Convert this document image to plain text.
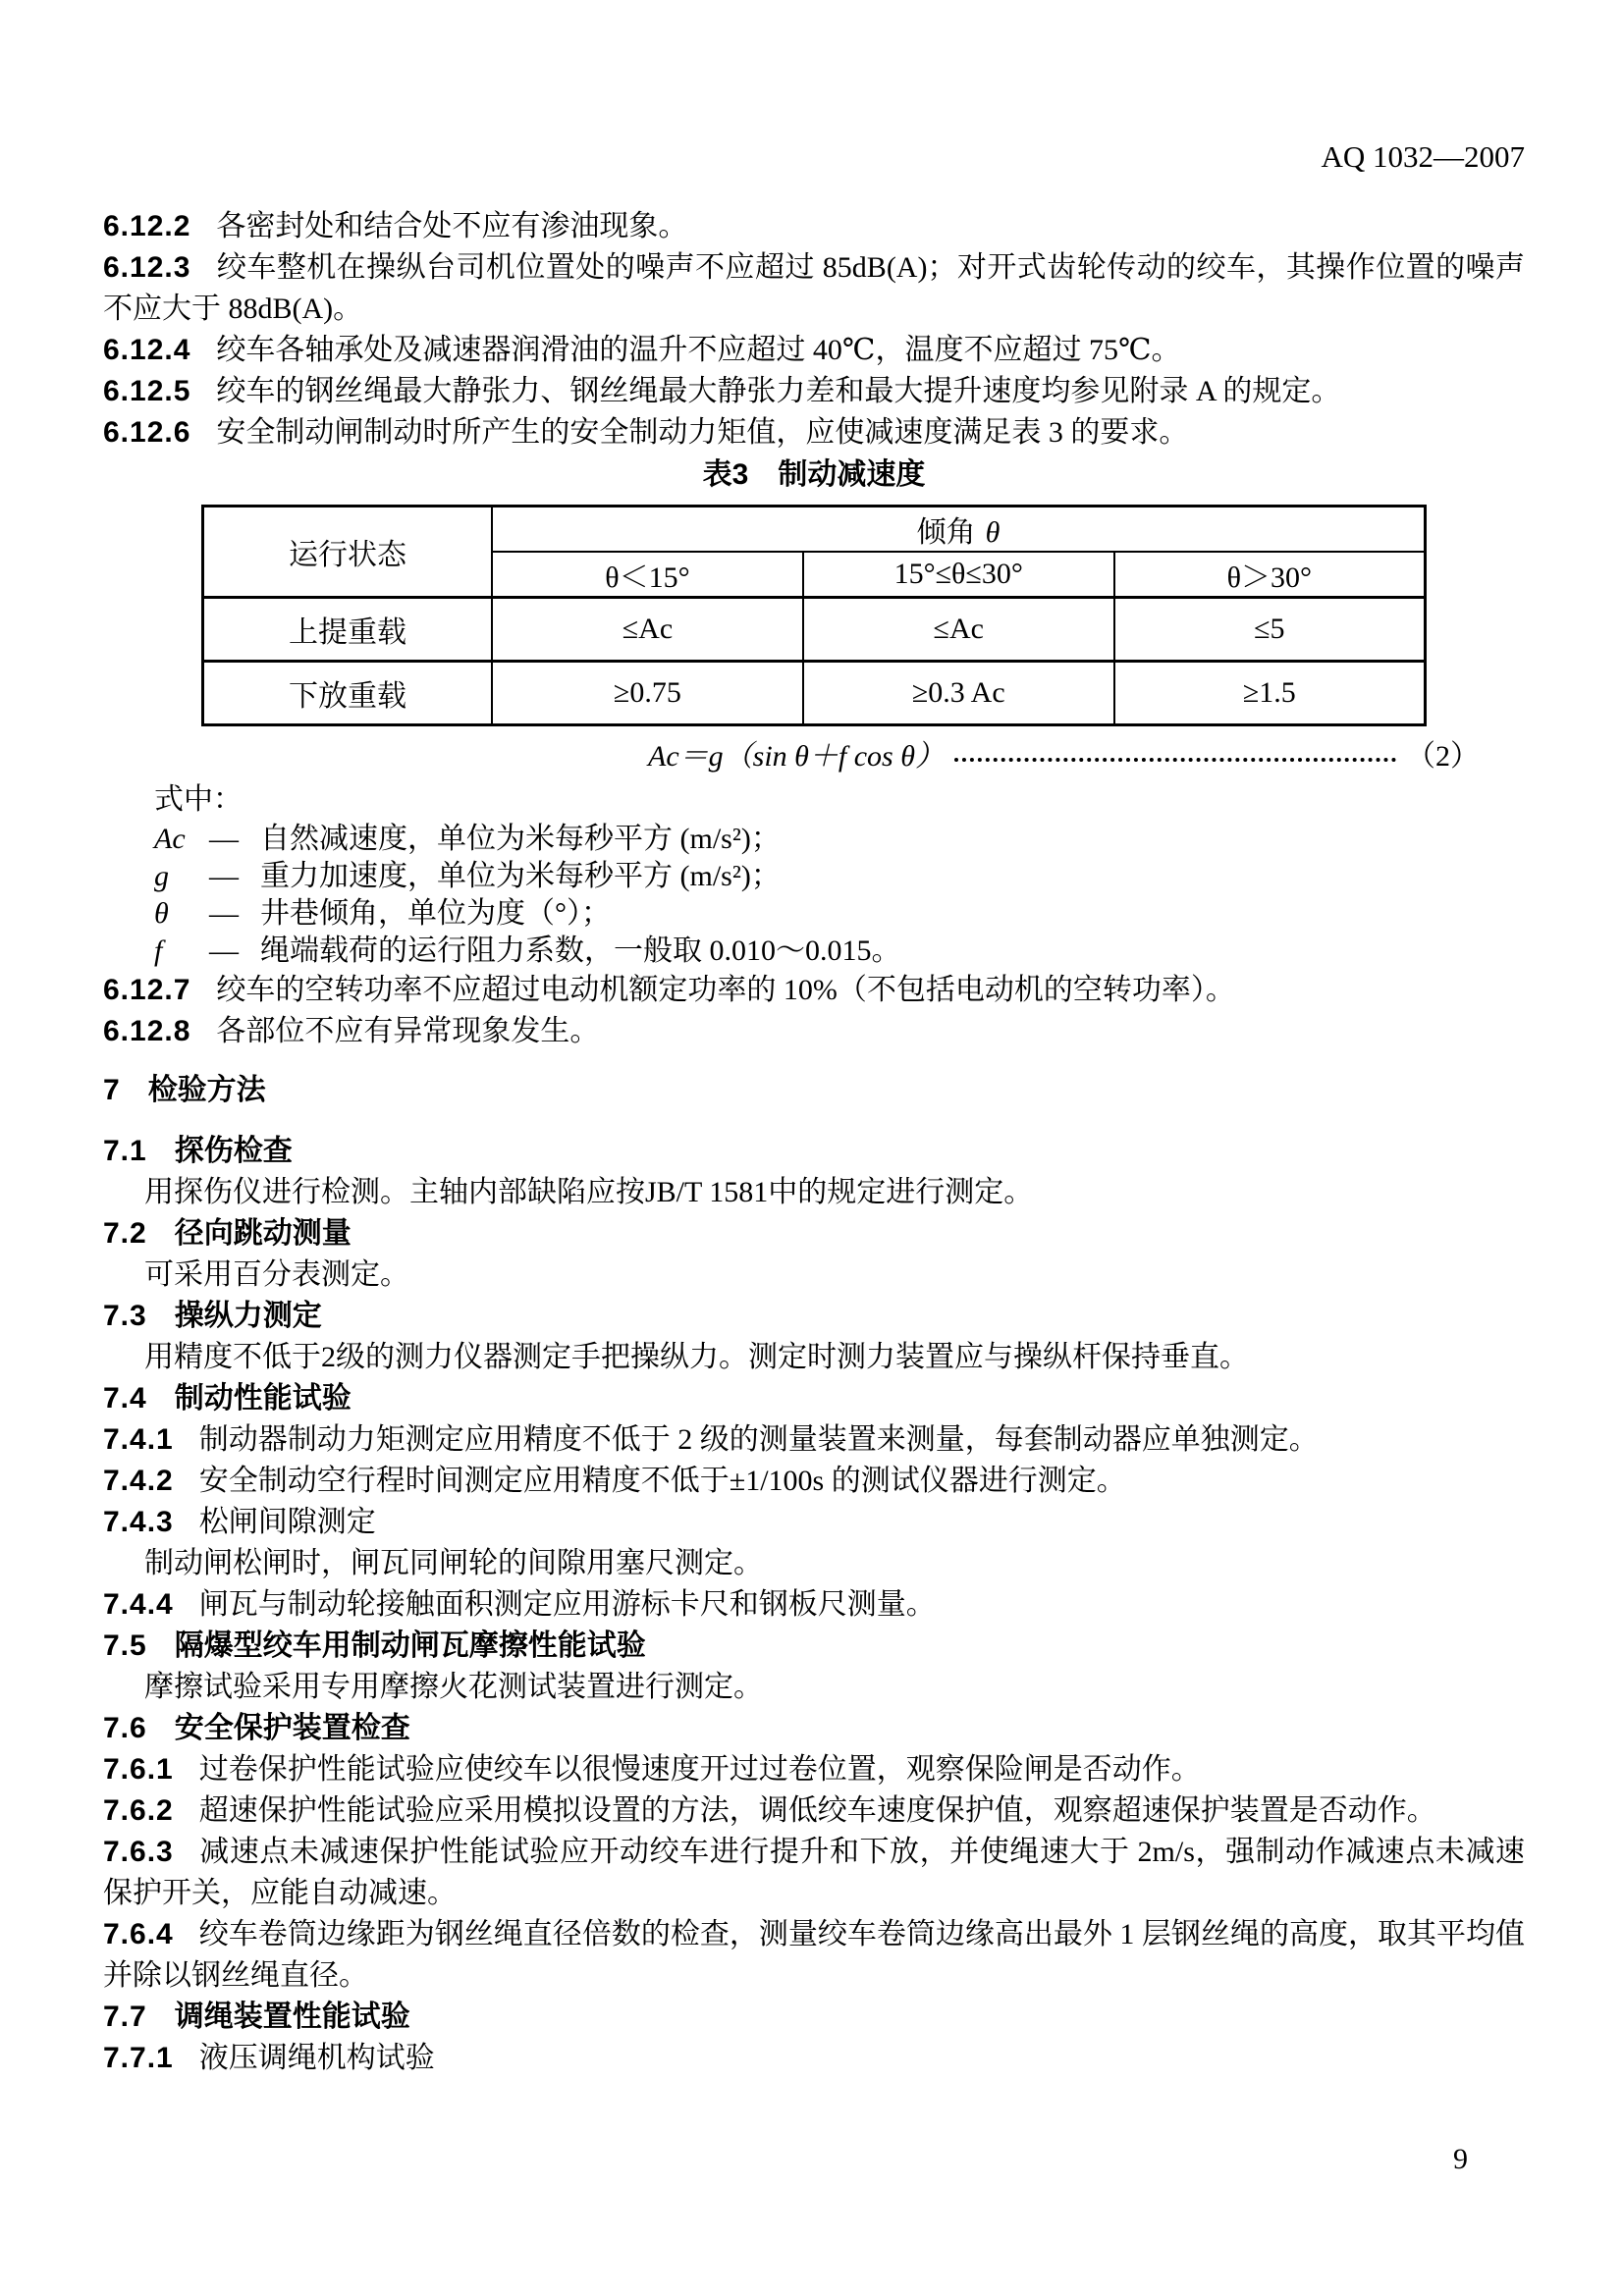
AQ 1032—2007

6.12.2 各密封处和结合处不应有渗油现象。

6.12.3 绞车整机在操纵台司机位置处的噪声不应超过 85dB(A)；对开式齿轮传动的绞车，其操作位置的噪声不应大于 88dB(A)。

6.12.4 绞车各轴承处及减速器润滑油的温升不应超过 40℃，温度不应超过 75℃。

6.12.5 绞车的钢丝绳最大静张力、钢丝绳最大静张力差和最大提升速度均参见附录 A 的规定。

6.12.6 安全制动闸制动时所产生的安全制动力矩值，应使减速度满足表 3 的要求。

表3　制动减速度
运行状态	倾角 θ		
	θ＜15°	15°≤θ≤30°	θ＞30°
上提重载	≤Ac	≤Ac	≤5
下放重载	≥0.75	≥0.3 Ac	≥1.5
Ac＝g（sin θ＋f cos θ）	（2）

式中：

Ac — 自然减速度，单位为米每秒平方 (m/s²)；
g	— 重力加速度，单位为米每秒平方 (m/s²)；
θ	— 井巷倾角，单位为度（°）；
f	— 绳端载荷的运行阻力系数，一般取 0.010～0.015。

6.12.7 绞车的空转功率不应超过电动机额定功率的 10%（不包括电动机的空转功率）。

6.12.8 各部位不应有异常现象发生。

7 检验方法

7.1 探伤检查

用探伤仪进行检测。主轴内部缺陷应按JB/T 1581中的规定进行测定。

7.2 径向跳动测量

可采用百分表测定。

7.3 操纵力测定

用精度不低于2级的测力仪器测定手把操纵力。测定时测力装置应与操纵杆保持垂直。

7.4 制动性能试验

7.4.1 制动器制动力矩测定应用精度不低于 2 级的测量装置来测量，每套制动器应单独测定。

7.4.2 安全制动空行程时间测定应用精度不低于±1/100s 的测试仪器进行测定。

7.4.3 松闸间隙测定

制动闸松闸时，闸瓦同闸轮的间隙用塞尺测定。

7.4.4 闸瓦与制动轮接触面积测定应用游标卡尺和钢板尺测量。

7.5 隔爆型绞车用制动闸瓦摩擦性能试验

摩擦试验采用专用摩擦火花测试装置进行测定。

7.6 安全保护装置检查

7.6.1 过卷保护性能试验应使绞车以很慢速度开过过卷位置，观察保险闸是否动作。

7.6.2 超速保护性能试验应采用模拟设置的方法，调低绞车速度保护值，观察超速保护装置是否动作。

7.6.3 减速点未减速保护性能试验应开动绞车进行提升和下放，并使绳速大于 2m/s，强制动作减速点未减速保护开关，应能自动减速。

7.6.4 绞车卷筒边缘距为钢丝绳直径倍数的检查，测量绞车卷筒边缘高出最外 1 层钢丝绳的高度，取其平均值并除以钢丝绳直径。

7.7 调绳装置性能试验

7.7.1 液压调绳机构试验

9
